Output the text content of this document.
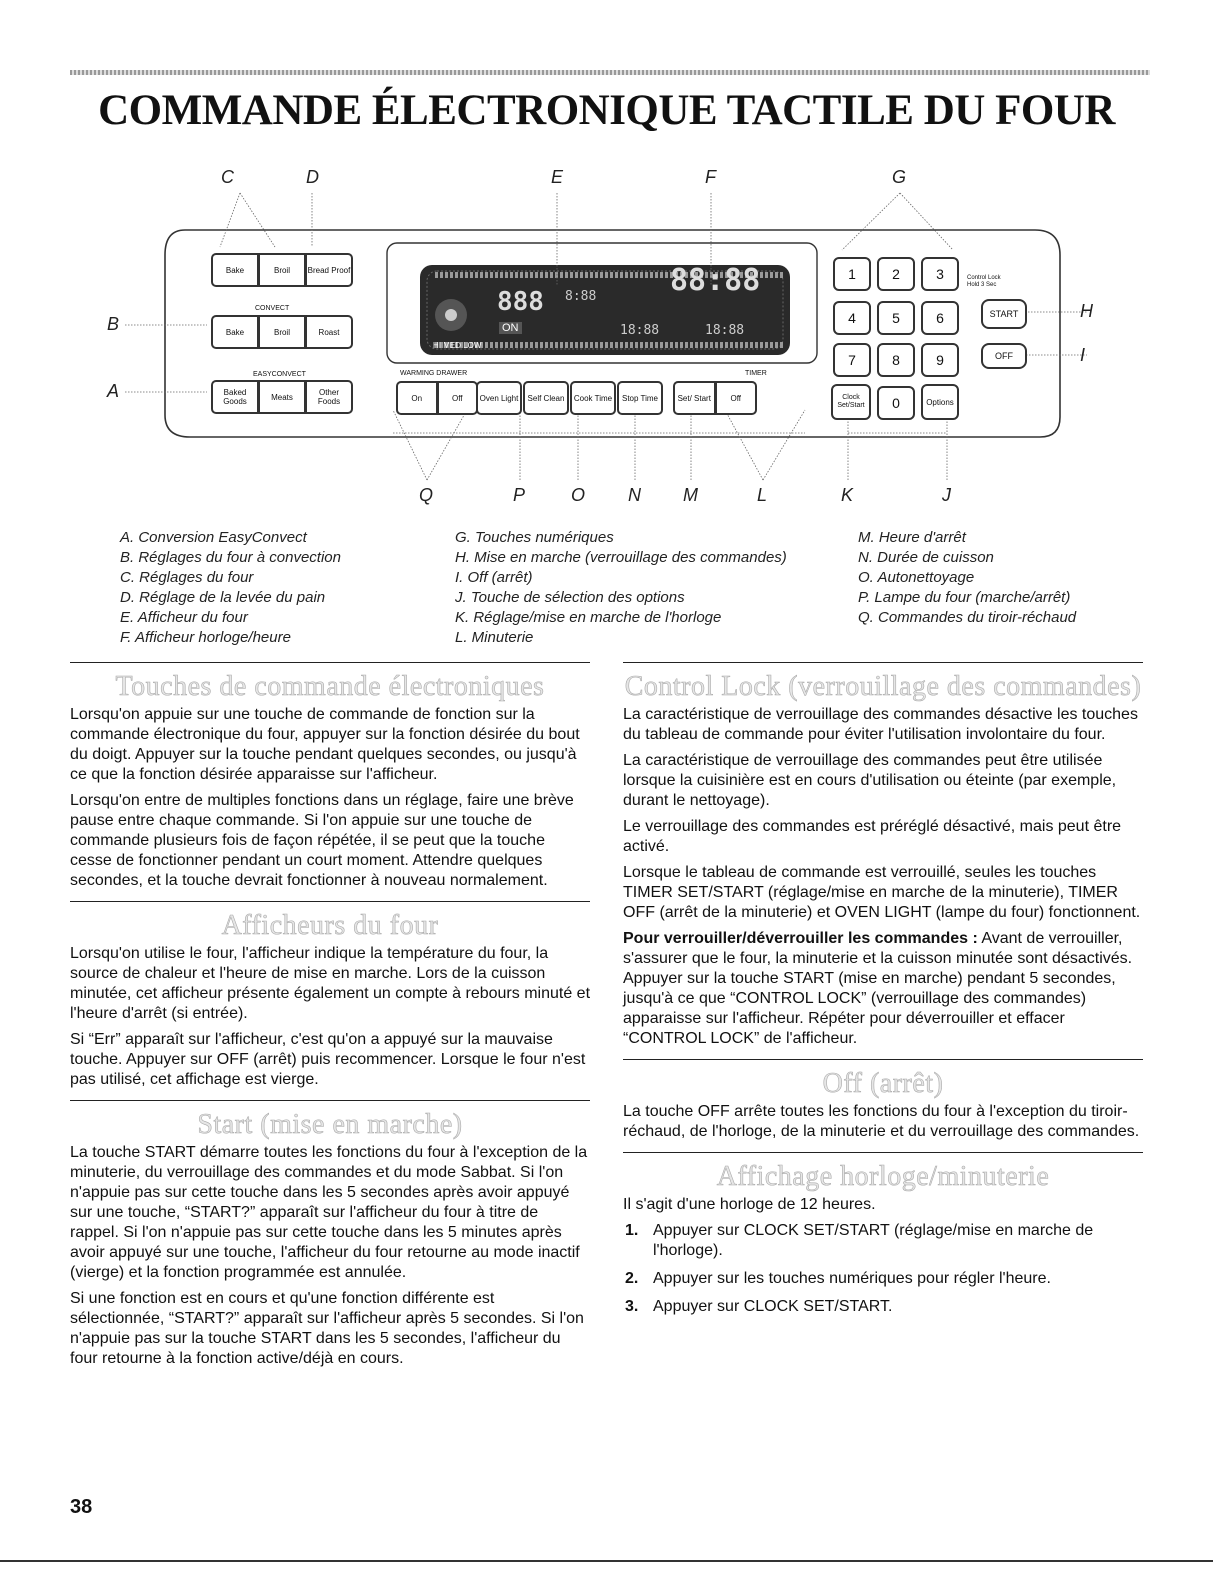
COMMANDE ÉLECTRONIQUE TACTILE DU FOUR
888
88:88
8:88
18:88	18:88
ON
HI MED LOW
C	D	E	F	G
B
A
H
I
Q	P	O N M	L	K	J
Bake	Broil	Bread Proof
Bake	Broil	Roast
Baked Goods	Meats	Other Foods
CONVECT
EASYCONVECT	WARMING DRAWER	TIMER
Control Lock Hold 3 Sec
On	Off	Oven Light	Self Clean	Cook Time	Stop Time	Set/ Start	Off
1	2	3
4	5	6
7	8	9
0
Clock Set/Start	Options
START
OFF
A. Conversion EasyConvect
B. Réglages du four à convection
C. Réglages du four
D. Réglage de la levée du pain
E. Afficheur du four
F. Afficheur horloge/heure
G. Touches numériques
H. Mise en marche (verrouillage des commandes)
I. Off (arrêt)
J. Touche de sélection des options
K. Réglage/mise en marche de l'horloge
L. Minuterie
M. Heure d'arrêt
N. Durée de cuisson
O. Autonettoyage
P. Lampe du four (marche/arrêt)
Q. Commandes du tiroir-réchaud
Touches de commande électroniques

Lorsqu'on appuie sur une touche de commande de fonction sur la commande électronique du four, appuyer sur la fonction désirée du bout du doigt. Appuyer sur la touche pendant quelques secondes, ou jusqu'à ce que la fonction désirée apparaisse sur l'afficheur.

Lorsqu'on entre de multiples fonctions dans un réglage, faire une brève pause entre chaque commande. Si l'on appuie sur une touche de commande plusieurs fois de façon répétée, il se peut que la touche cesse de fonctionner pendant un court moment. Attendre quelques secondes, et la touche devrait fonctionner à nouveau normalement.

Afficheurs du four

Lorsqu'on utilise le four, l'afficheur indique la température du four, la source de chaleur et l'heure de mise en marche. Lors de la cuisson minutée, cet afficheur présente également un compte à rebours minuté et l'heure d'arrêt (si entrée).

Si “Err” apparaît sur l'afficheur, c'est qu'on a appuyé sur la mauvaise touche. Appuyer sur OFF (arrêt) puis recommencer. Lorsque le four n'est pas utilisé, cet affichage est vierge.

Start (mise en marche)

La touche START démarre toutes les fonctions du four à l'exception de la minuterie, du verrouillage des commandes et du mode Sabbat. Si l'on n'appuie pas sur cette touche dans les 5 secondes après avoir appuyé sur une touche, “START?” apparaît sur l'afficheur du four à titre de rappel. Si l'on n'appuie pas sur cette touche dans les 5 minutes après avoir appuyé sur une touche, l'afficheur du four retourne au mode inactif (vierge) et la fonction programmée est annulée.

Si une fonction est en cours et qu'une fonction différente est sélectionnée, “START?” apparaît sur l'afficheur après 5 secondes. Si l'on n'appuie pas sur la touche START dans les 5 secondes, l'afficheur du four retourne à la fonction active/déjà en cours.

Control Lock (verrouillage des commandes)

La caractéristique de verrouillage des commandes désactive les touches du tableau de commande pour éviter l'utilisation involontaire du four.

La caractéristique de verrouillage des commandes peut être utilisée lorsque la cuisinière est en cours d'utilisation ou éteinte (par exemple, durant le nettoyage).

Le verrouillage des commandes est préréglé désactivé, mais peut être activé.

Lorsque le tableau de commande est verrouillé, seules les touches TIMER SET/START (réglage/mise en marche de la minuterie), TIMER OFF (arrêt de la minuterie) et OVEN LIGHT (lampe du four) fonctionnent.

Pour verrouiller/déverrouiller les commandes : Avant de verrouiller, s'assurer que le four, la minuterie et la cuisson minutée sont désactivés. Appuyer sur la touche START (mise en marche) pendant 5 secondes, jusqu'à ce que “CONTROL LOCK” (verrouillage des commandes) apparaisse sur l'afficheur. Répéter pour déverrouiller et effacer “CONTROL LOCK” de l'afficheur.

Off (arrêt)

La touche OFF arrête toutes les fonctions du four à l'exception du tiroir-réchaud, de l'horloge, de la minuterie et du verrouillage des commandes.

Affichage horloge/minuterie

Il s'agit d'une horloge de 12 heures.

1. Appuyer sur CLOCK SET/START (réglage/mise en marche de l'horloge).
2. Appuyer sur les touches numériques pour régler l'heure.
3. Appuyer sur CLOCK SET/START.
38
